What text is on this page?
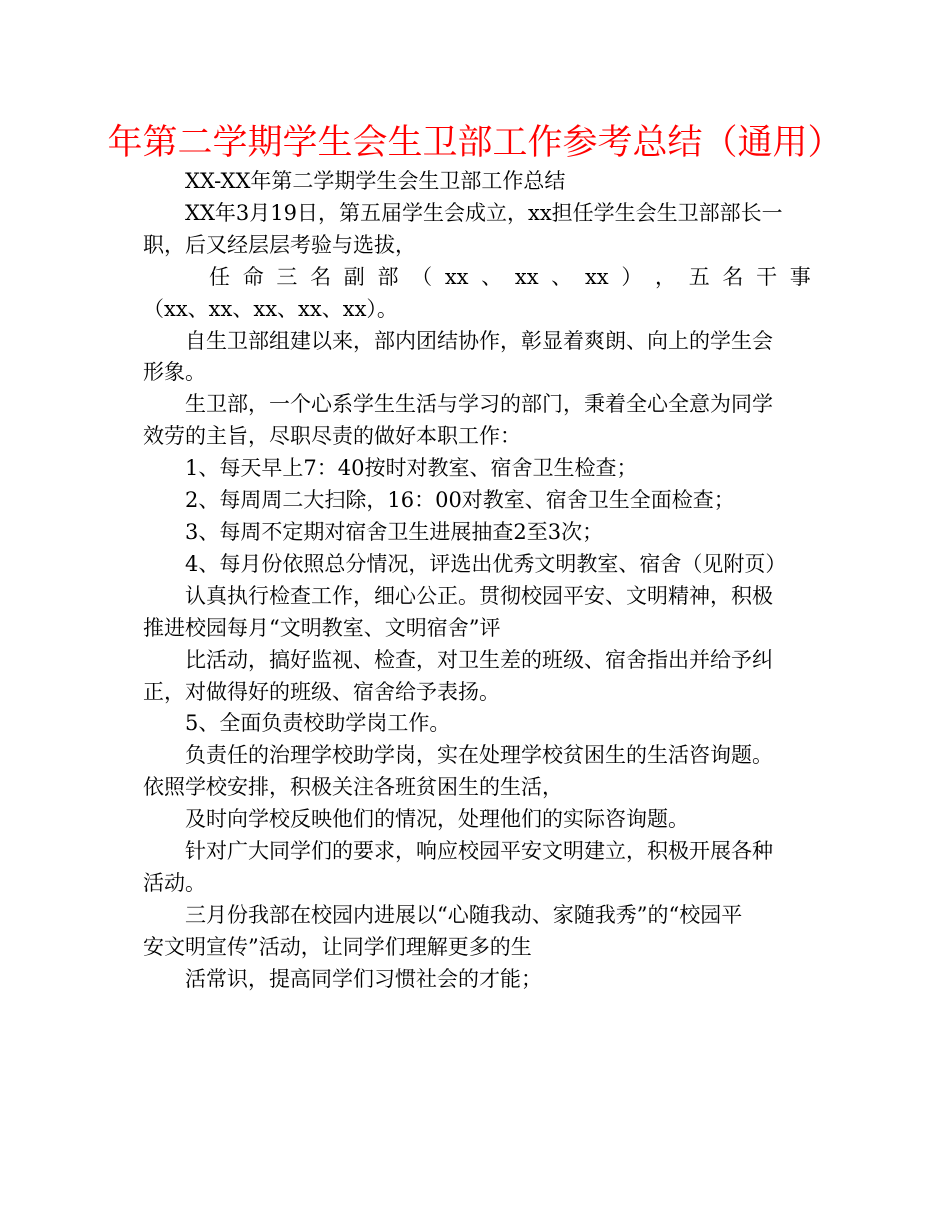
年第二学期学生会生卫部工作参考总结（通用）

XX-XX年第二学期学生会生卫部工作总结

XX年3月19日，第五届学生会成立，xx担任学生会生卫部部长一

职，后又经层层考验与选拔，

任 命 三 名 副 部 （ xx 、 xx 、 xx ） ， 五 名 干 事

（xx、xx、xx、xx、xx）。

自生卫部组建以来，部内团结协作，彰显着爽朗、向上的学生会

形象。

生卫部，一个心系学生生活与学习的部门，秉着全心全意为同学

效劳的主旨，尽职尽责的做好本职工作：

1、每天早上7：40按时对教室、宿舍卫生检查；

2、每周周二大扫除，16：00对教室、宿舍卫生全面检查；

3、每周不定期对宿舍卫生进展抽查2至3次；

4、每月份依照总分情况，评选出优秀文明教室、宿舍（见附页）

认真执行检查工作，细心公正。贯彻校园平安、文明精神，积极

推进校园每月“文明教室、文明宿舍”评

比活动，搞好监视、检查，对卫生差的班级、宿舍指出并给予纠

正，对做得好的班级、宿舍给予表扬。

5、全面负责校助学岗工作。

负责任的治理学校助学岗，实在处理学校贫困生的生活咨询题。

依照学校安排，积极关注各班贫困生的生活，

及时向学校反映他们的情况，处理他们的实际咨询题。

针对广大同学们的要求，响应校园平安文明建立，积极开展各种

活动。

三月份我部在校园内进展以“心随我动、家随我秀”的“校园平

安文明宣传”活动，让同学们理解更多的生

活常识，提高同学们习惯社会的才能；
